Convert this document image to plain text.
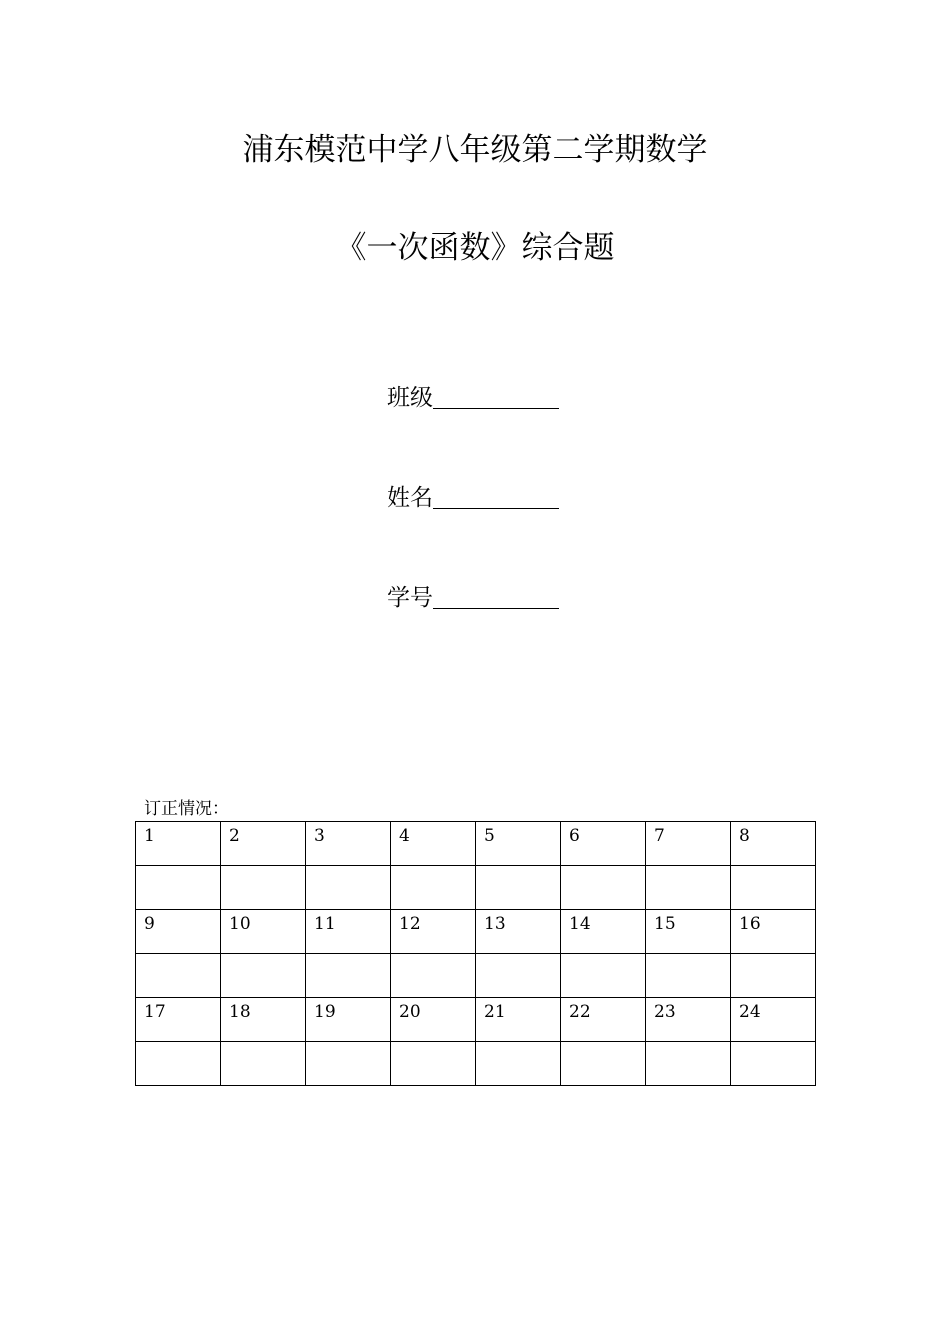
浦东模范中学八年级第二学期数学
《一次函数》综合题
班级
姓名
学号
订正情况：
1	2	3	4	5	6	7	8

9	10	11	12	13	14	15	16

17	18	19	20	21	22	23	24
